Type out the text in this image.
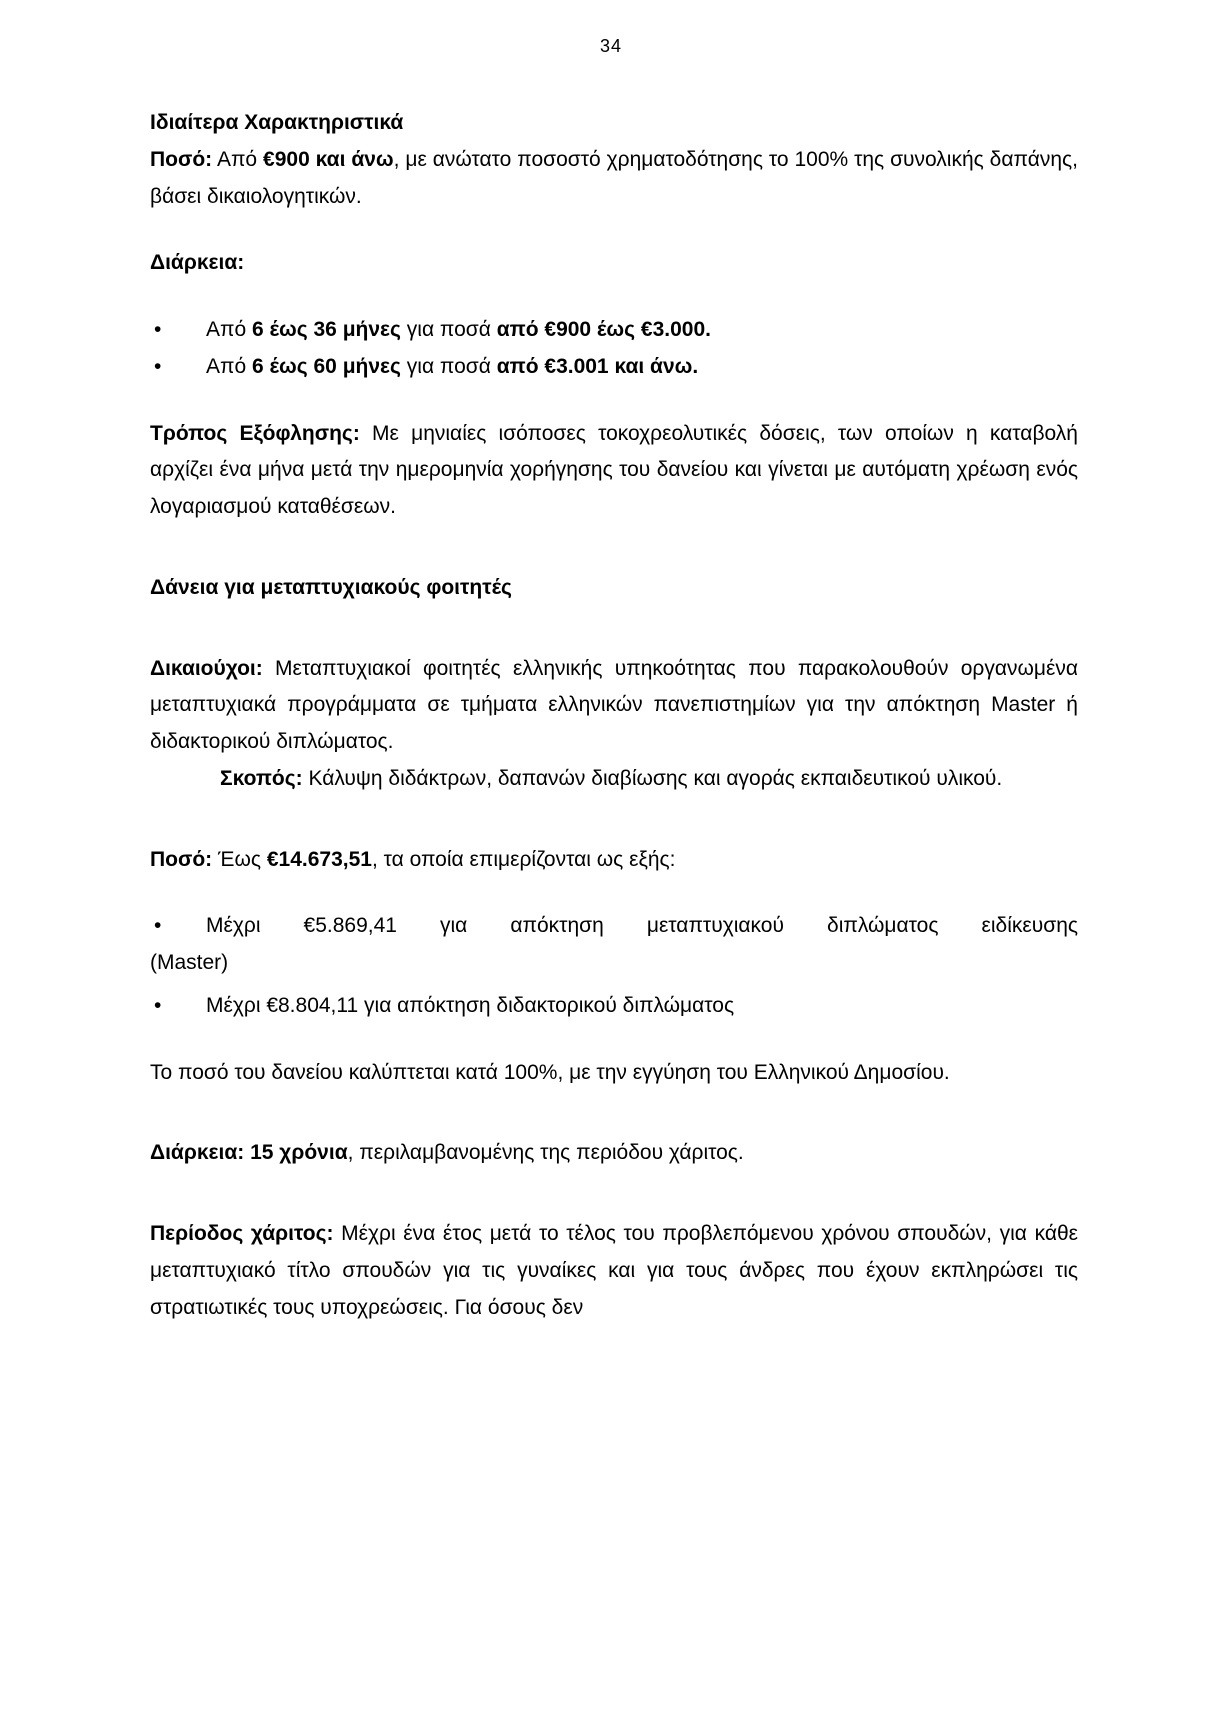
34

Ιδιαίτερα Χαρακτηριστικά

Ποσό: Από €900 και άνω, με ανώτατο ποσοστό χρηματοδότησης το 100% της συνολικής δαπάνης, βάσει δικαιολογητικών.

Διάρκεια:

• Από 6 έως 36 μήνες για ποσά από €900 έως €3.000.
• Από 6 έως 60 μήνες για ποσά από €3.001 και άνω.

Τρόπος Εξόφλησης: Με μηνιαίες ισόποσες τοκοχρεολυτικές δόσεις, των οποίων η καταβολή αρχίζει ένα μήνα μετά την ημερομηνία χορήγησης του δανείου και γίνεται με αυτόματη χρέωση ενός λογαριασμού καταθέσεων.

Δάνεια για μεταπτυχιακούς φοιτητές

Δικαιούχοι: Μεταπτυχιακοί φοιτητές ελληνικής υπηκοότητας που παρακολουθούν οργανωμένα μεταπτυχιακά προγράμματα σε τμήματα ελληνικών πανεπιστημίων για την απόκτηση Master ή διδακτορικού διπλώματος.

Σκοπός: Κάλυψη διδάκτρων, δαπανών διαβίωσης και αγοράς εκπαιδευτικού υλικού.

Ποσό: Έως €14.673,51, τα οποία επιμερίζονται ως εξής:

• Μέχρι €5.869,41 για απόκτηση μεταπτυχιακού διπλώματος ειδίκευσης
(Master)
• Μέχρι €8.804,11 για απόκτηση διδακτορικού διπλώματος

Το ποσό του δανείου καλύπτεται κατά 100%, με την εγγύηση του Ελληνικού Δημοσίου.

Διάρκεια: 15 χρόνια, περιλαμβανομένης της περιόδου χάριτος.

Περίοδος χάριτος: Μέχρι ένα έτος μετά το τέλος του προβλεπόμενου χρόνου σπουδών, για κάθε μεταπτυχιακό τίτλο σπουδών για τις γυναίκες και για τους άνδρες που έχουν εκπληρώσει τις στρατιωτικές τους υποχρεώσεις. Για όσους δεν
